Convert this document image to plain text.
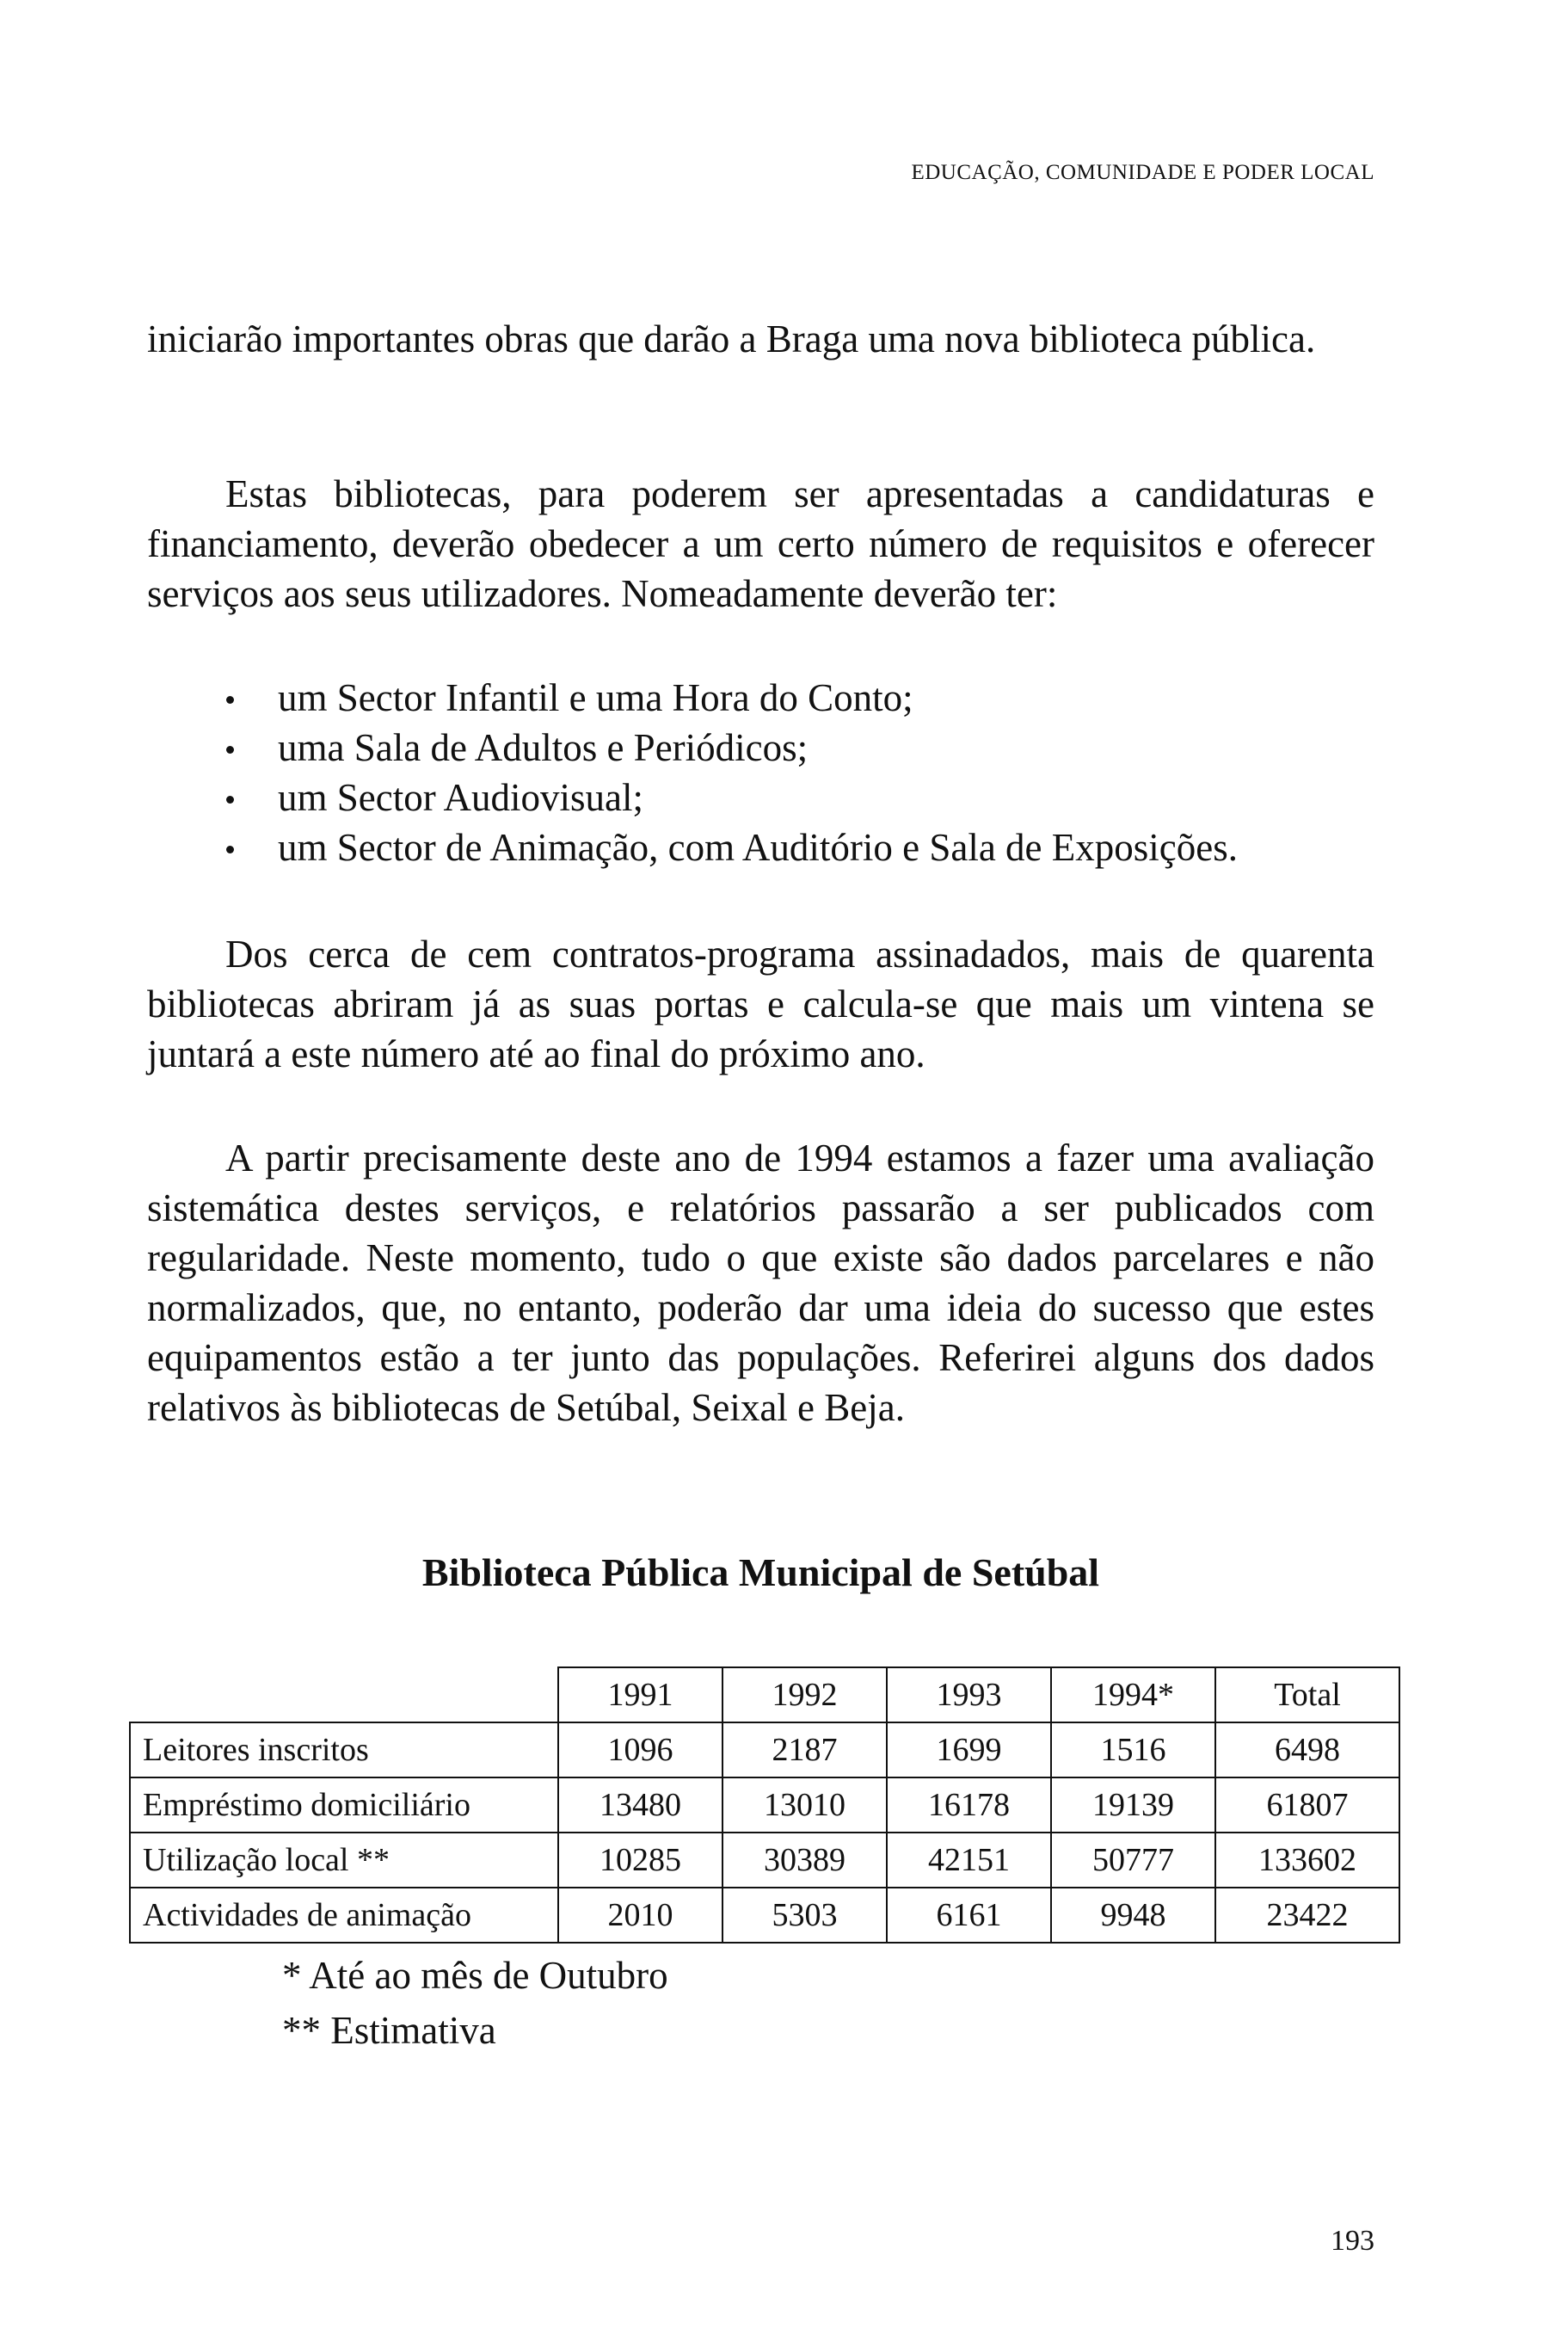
EDUCAÇÃO, COMUNIDADE E PODER LOCAL

iniciarão importantes obras que darão a Braga uma nova biblioteca pública.

Estas bibliotecas, para poderem ser apresentadas a candidaturas e financiamento, deverão obedecer a um certo número de requisitos e oferecer serviços aos seus utilizadores. Nomeadamente deverão ter:

um Sector Infantil e uma Hora do Conto;
uma Sala de Adultos e Periódicos;
um Sector Audiovisual;
um Sector de Animação, com Auditório e Sala de Exposições.

Dos cerca de cem contratos-programa assinadados, mais de quarenta bibliotecas abriram já as suas portas e calcula-se que mais um vintena se juntará a este número até ao final do próximo ano.

A partir precisamente deste ano de 1994 estamos a fazer uma avaliação sistemática destes serviços, e relatórios passarão a ser publicados com regularidade. Neste momento, tudo o que existe são dados parcelares e não normalizados, que, no entanto, poderão dar uma ideia do sucesso que estes equipamentos estão a ter junto das populações. Referirei alguns dos dados relativos às bibliotecas de Setúbal, Seixal e Beja.

Biblioteca Pública Municipal de Setúbal
	1991	1992	1993	1994*	Total
Leitores inscritos	1096	2187	1699	1516	6498
Empréstimo domiciliário	13480	13010	16178	19139	61807
Utilização local **	10285	30389	42151	50777	133602
Actividades de animação	2010	5303	6161	9948	23422
* Até ao mês de Outubro
** Estimativa
193
